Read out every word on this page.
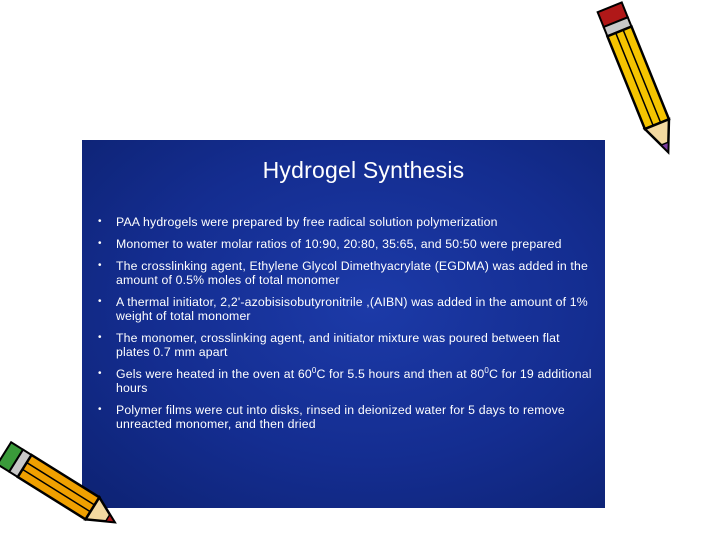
Hydrogel Synthesis
• PAA hydrogels were prepared by free radical solution polymerization
• Monomer to water molar ratios of 10:90, 20:80, 35:65, and 50:50 were prepared
• The crosslinking agent, Ethylene Glycol Dimethyacrylate (EGDMA) was added in the amount of 0.5% moles of total monomer
• A thermal initiator, 2,2'-azobisisobutyronitrile ,(AIBN) was added in the amount of 1% weight of total monomer
• The monomer, crosslinking agent, and initiator mixture was poured between flat plates 0.7 mm apart
• Gels were heated in the oven at $60^0C$ for 5.5 hours and then at $80^0C$ for 19 additional hours
• Polymer films were cut into disks, rinsed in deionized water for 5 days to remove unreacted monomer, and then dried
